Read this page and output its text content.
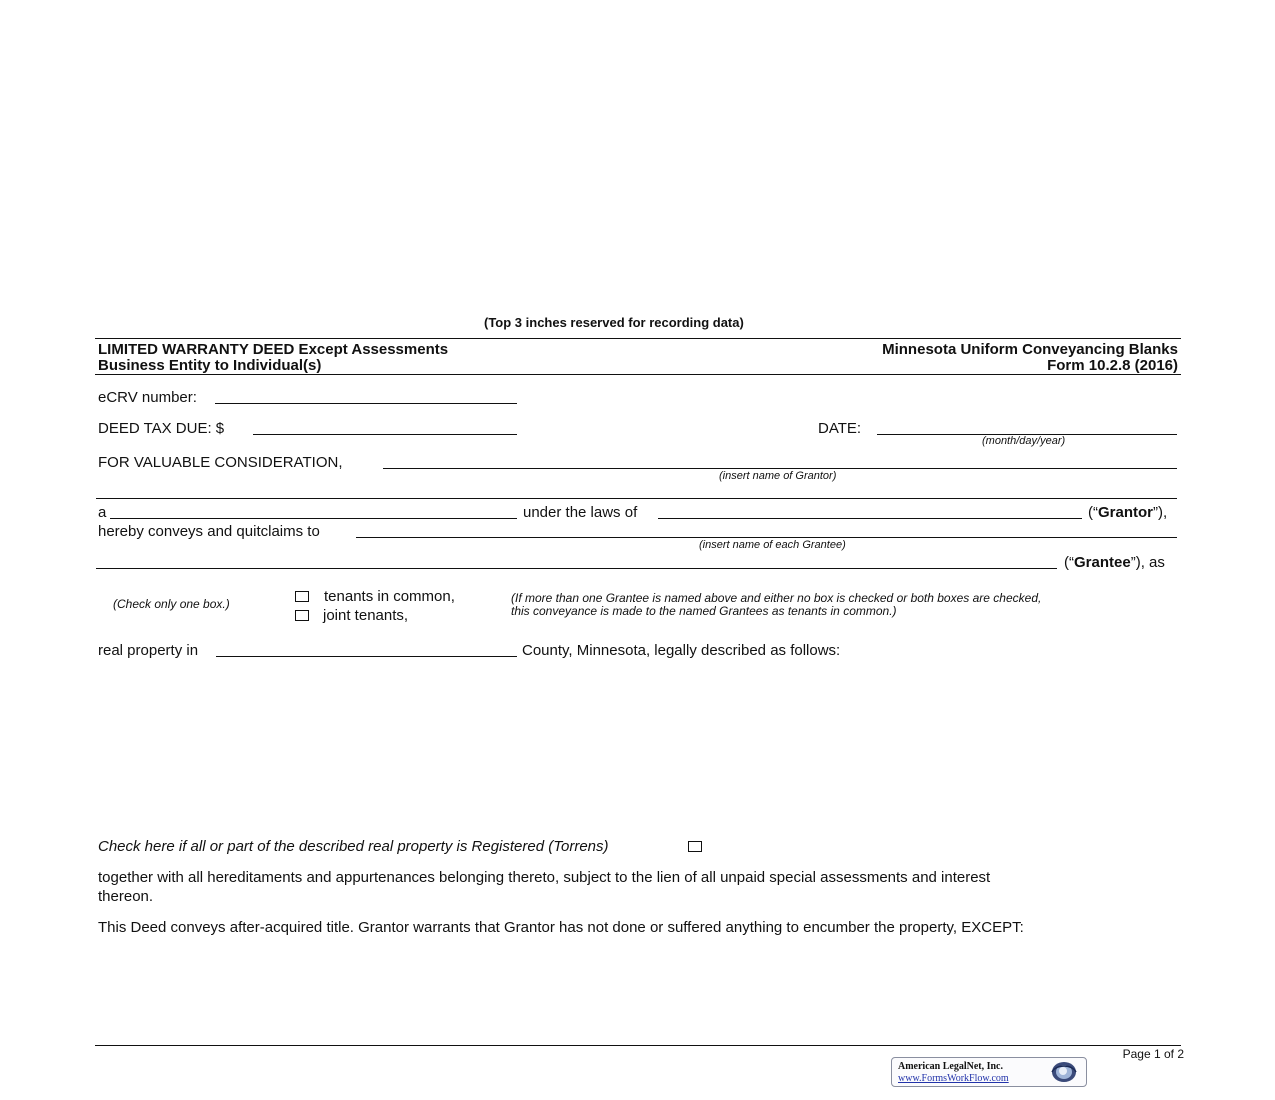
(Top 3 inches reserved for recording data)
LIMITED WARRANTY DEED Except Assessments
Business Entity to Individual(s)
Minnesota Uniform Conveyancing Blanks
Form 10.2.8 (2016)
eCRV number:
DEED TAX DUE: $	DATE:
(month/day/year)
FOR VALUABLE CONSIDERATION,
(insert name of Grantor)
a	under the laws of	(“Grantor”),
hereby conveys and quitclaims to
(insert name of each Grantee)
(“Grantee”), as
(Check only one box.)	tenants in common,
joint tenants,
(If more than one Grantee is named above and either no box is checked or both boxes are checked,
this conveyance is made to the named Grantees as tenants in common.)
real property in	County, Minnesota, legally described as follows:
Check here if all or part of the described real property is Registered (Torrens)
together with all hereditaments and appurtenances belonging thereto, subject to the lien of all unpaid special assessments and interest
thereon.
This Deed conveys after-acquired title. Grantor warrants that Grantor has not done or suffered anything to encumber the property, EXCEPT:
Page 1 of 2
American LegalNet, Inc.
www.FormsWorkFlow.com
